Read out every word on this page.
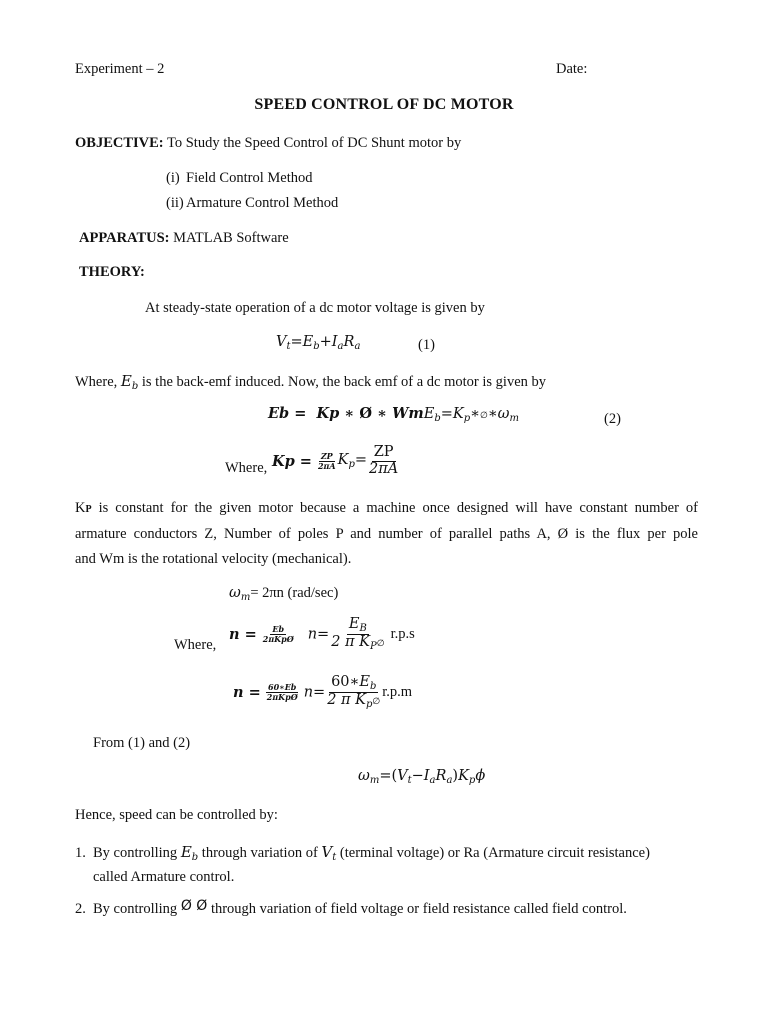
Experiment – 2	Date:
SPEED CONTROL OF DC MOTOR
OBJECTIVE: To Study the Speed Control of DC Shunt motor by
(i) Field Control Method
(ii) Armature Control Method
APPARATUS: MATLAB Software
THEORY:
At steady-state operation of a dc motor voltage is given by
$V_t=E_b+I_aR_a$	(1)
Where, $E_b$ is the back-emf induced. Now, the back emf of a dc motor is given by
Eb =  Kp ∗ Ø ∗ $WmE_b=K_p∗\emptyset∗\omega_m$	(2)
Where, $Kp = \frac{ZP}{2\pi A} K_p= \frac{ZP}{2\pi A}$
KP is constant for the given motor because a machine once designed will have constant number of
armature conductors Z, Number of poles P and number of parallel paths A, Ø is the flux per pole
and Wm is the rotational velocity (mechanical).
$\omega_m= 2\pi n$ (rad/sec)
Where,
$n = \frac{Eb}{\text{2πKpØ}} n= \frac{E_B}{2 \pi K_P\emptyset} r.p.s$
$n = \frac{60∗Eb}{\text{2πKpØ}} n= \frac{60∗E_b}{2 \pi K_p\emptyset} r.p.m$
From (1) and (2)
$\omega_m=(V_t-I_aR_a)K_p\phi$
Hence, speed can be controlled by:
1. By controlling $E_b$ through variation of $V_t$ (terminal voltage) or Ra (Armature circuit resistance)
called Armature control.
2. By controlling Ø Ø through variation of field voltage or field resistance called field control.
